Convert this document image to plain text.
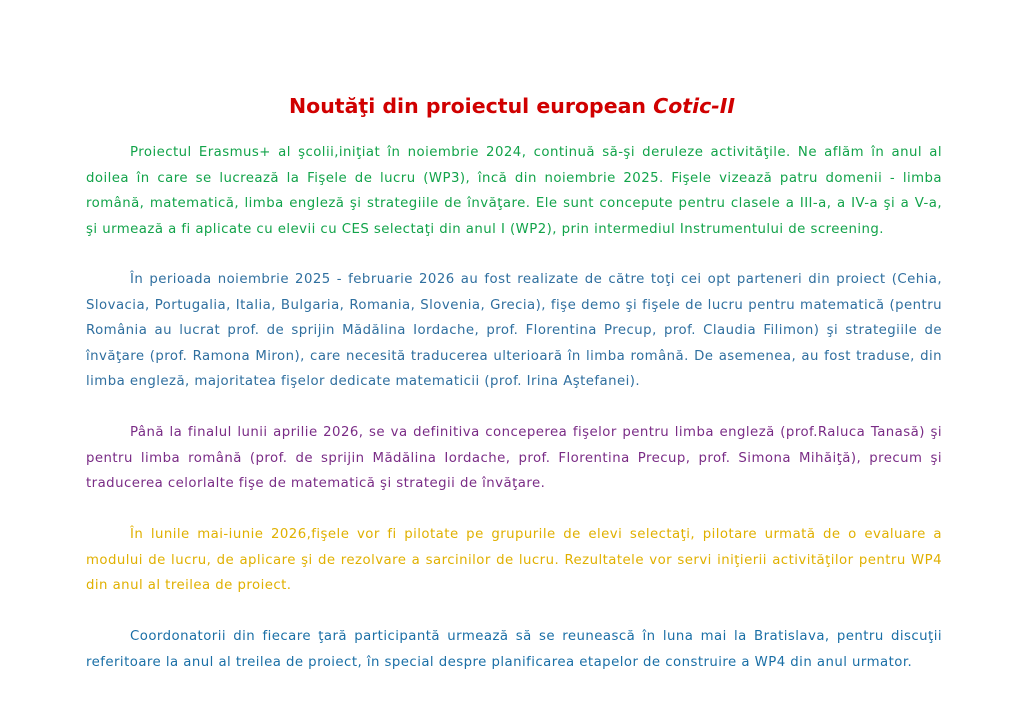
Noutăţi din proiectul european Cotic-II

Proiectul Erasmus+ al şcolii,iniţiat în noiembrie 2024, continuă să-şi deruleze activităţile. Ne aflăm în anul al doilea în care se lucrează la Fişele de lucru (WP3), încă din noiembrie 2025. Fişele vizează patru domenii - limba română, matematică, limba engleză şi strategiile de învăţare. Ele sunt concepute pentru clasele a III-a, a IV-a şi a V-a, şi urmează a fi aplicate cu elevii cu CES selectaţi din anul I (WP2), prin intermediul Instrumentului de screening.

În perioada noiembrie 2025 - februarie 2026 au fost realizate de către toţi cei opt parteneri din proiect (Cehia, Slovacia, Portugalia, Italia, Bulgaria, Romania, Slovenia, Grecia), fişe demo şi fişele de lucru pentru matematică (pentru România au lucrat prof. de sprijin Mădălina Iordache, prof. Florentina Precup, prof. Claudia Filimon) şi strategiile de învăţare (prof. Ramona Miron), care necesită traducerea ulterioară în limba română. De asemenea, au fost traduse, din limba engleză, majoritatea fişelor dedicate matematicii (prof. Irina Aştefanei).

Până la finalul lunii aprilie 2026, se va definitiva conceperea fişelor pentru limba engleză (prof.Raluca Tanasă) şi pentru limba română (prof. de sprijin Mădălina Iordache, prof. Florentina Precup, prof. Simona Mihăiţă), precum şi traducerea celorlalte fişe de matematică şi strategii de învăţare.

În lunile mai-iunie 2026,fişele vor fi pilotate pe grupurile de elevi selectaţi, pilotare urmată de o evaluare a modului de lucru, de aplicare şi de rezolvare a sarcinilor de lucru. Rezultatele vor servi iniţierii activităţilor pentru WP4 din anul al treilea de proiect.

Coordonatorii din fiecare ţară participantă urmează să se reunească în luna mai la Bratislava, pentru discuţii referitoare la anul al treilea de proiect, în special despre planificarea etapelor de construire a WP4 din anul urmator.
